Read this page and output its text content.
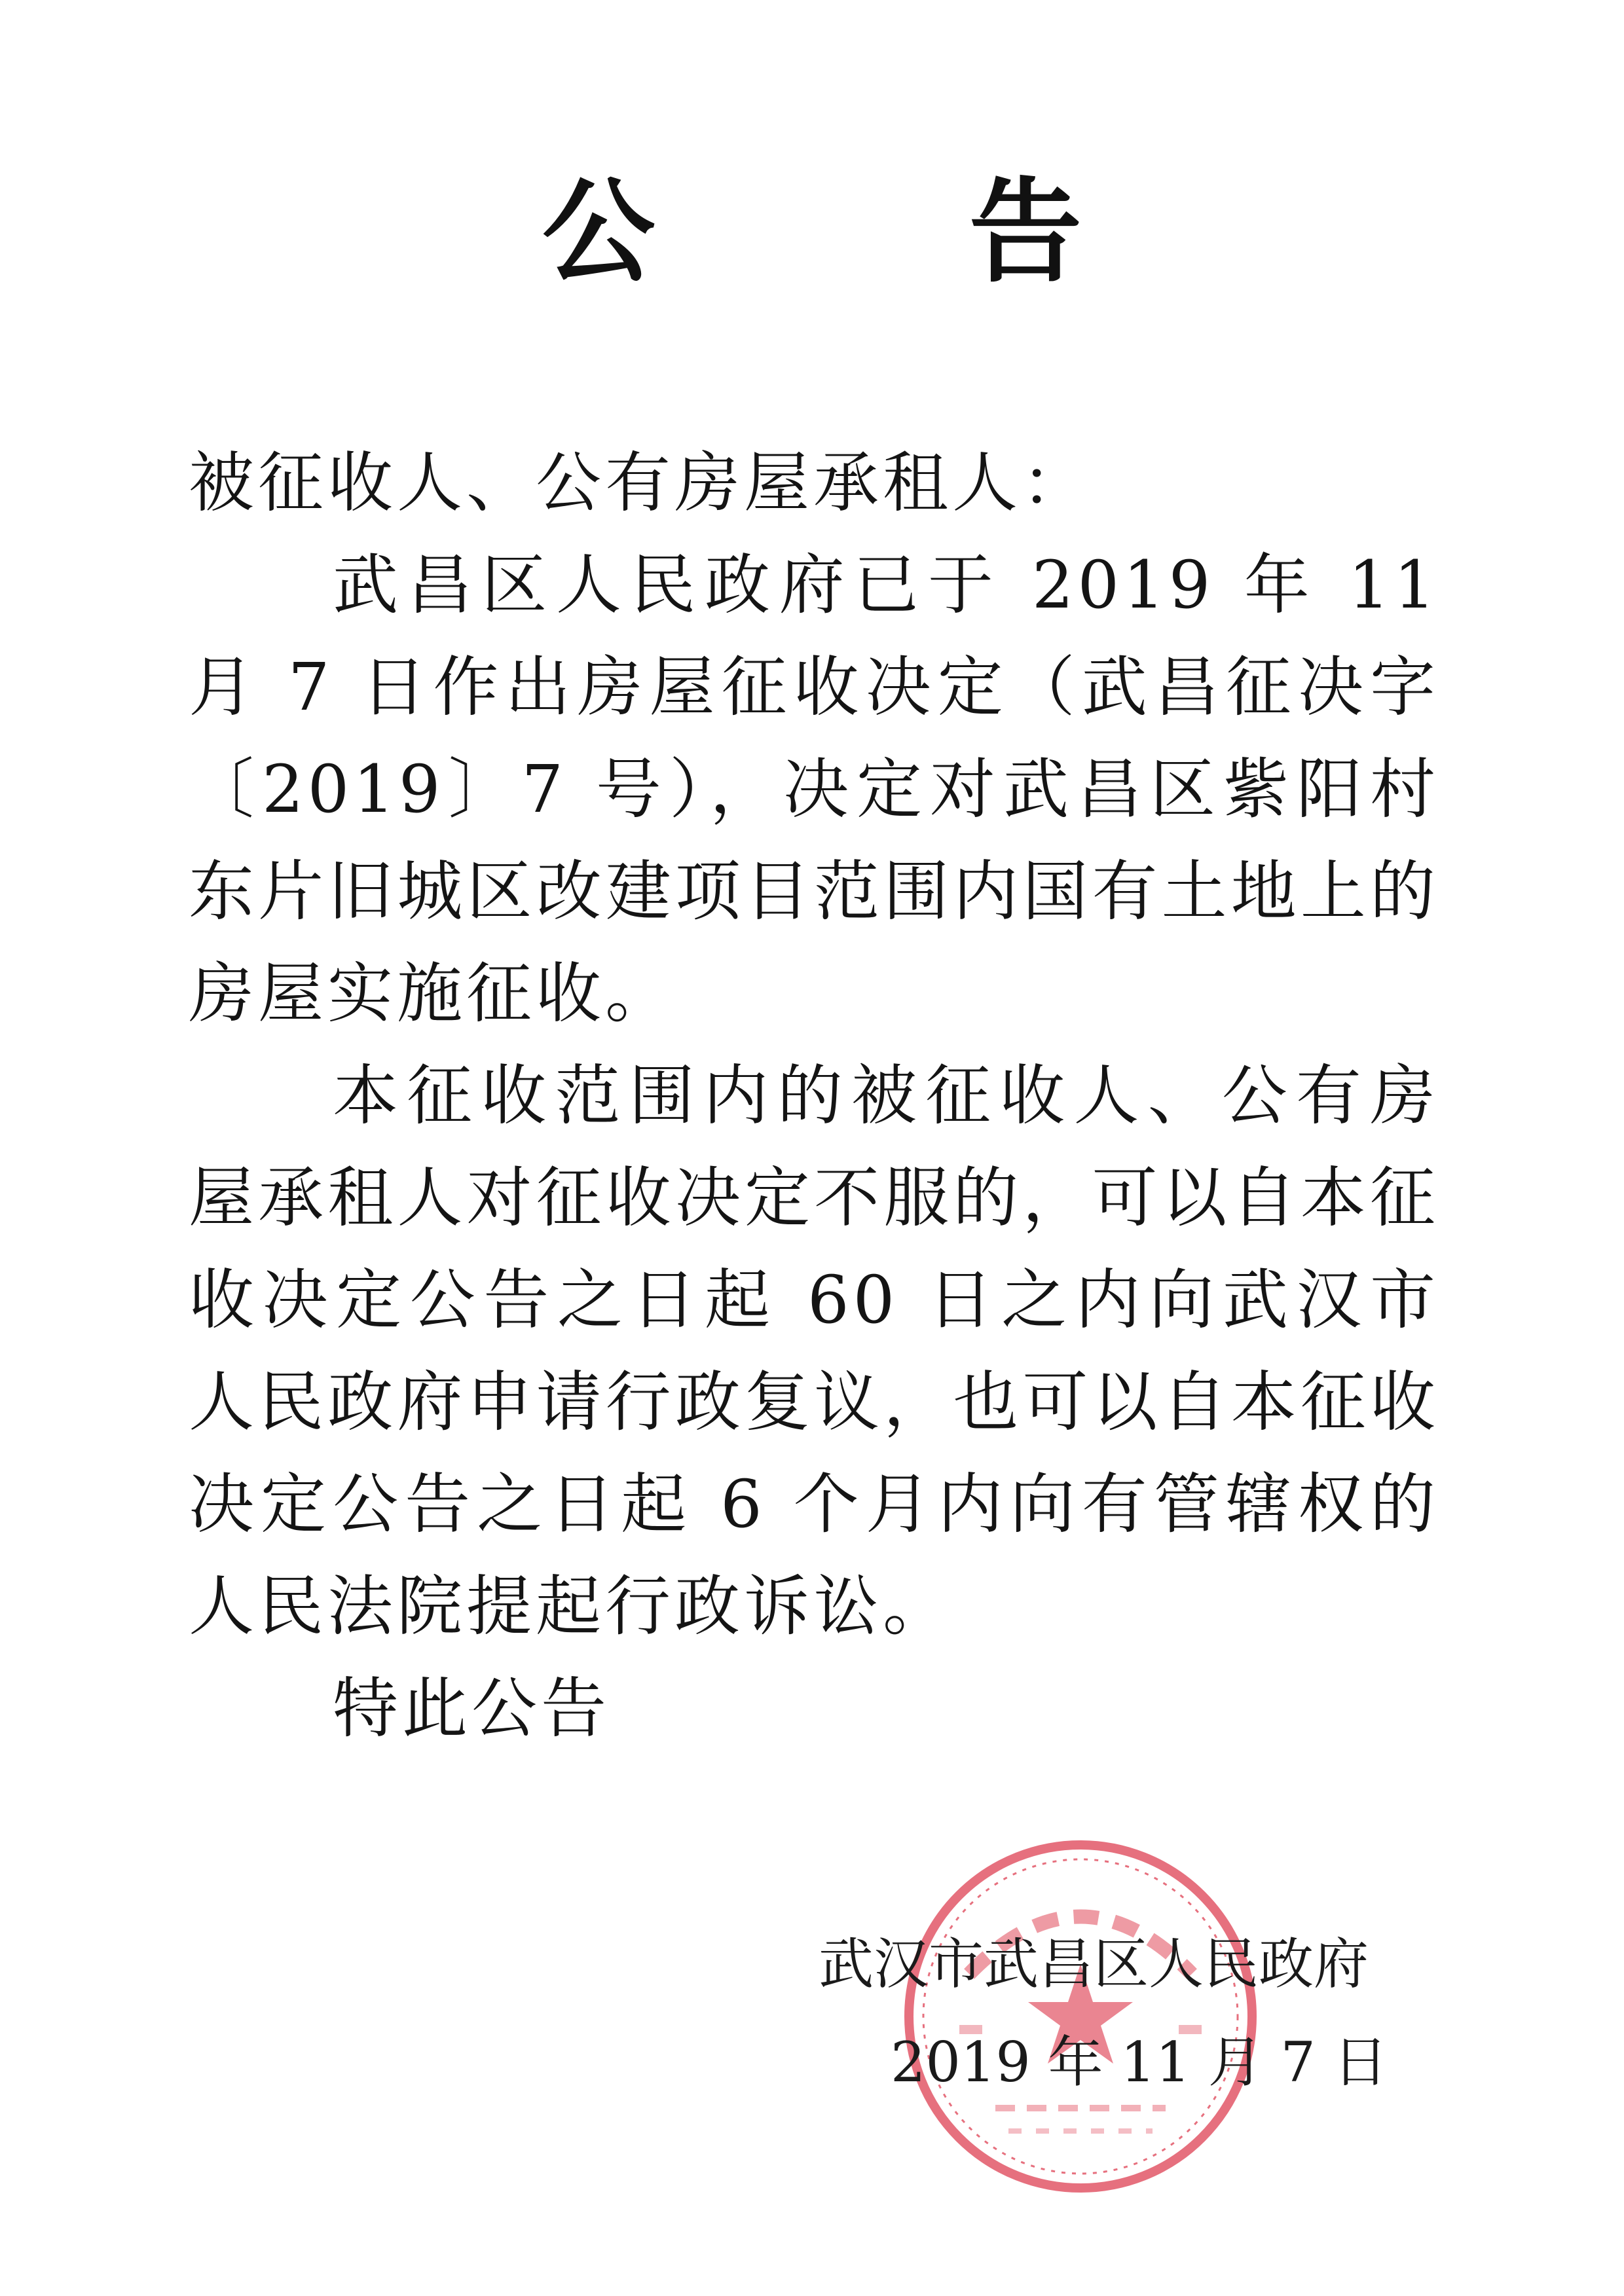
公 告

被征收人、公有房屋承租人：

武昌区人民政府已于 2019 年 11 月 7 日作出房屋征收决定（武昌征决字〔2019〕7 号），决定对武昌区紫阳村东片旧城区改建项目范围内国有土地上的房屋实施征收。

本征收范围内的被征收人、公有房屋承租人对征收决定不服的，可以自本征收决定公告之日起 60 日之内向武汉市人民政府申请行政复议，也可以自本征收决定公告之日起 6 个月内向有管辖权的人民法院提起行政诉讼。

特此公告

武汉市武昌区人民政府
2019 年 11 月 7 日
